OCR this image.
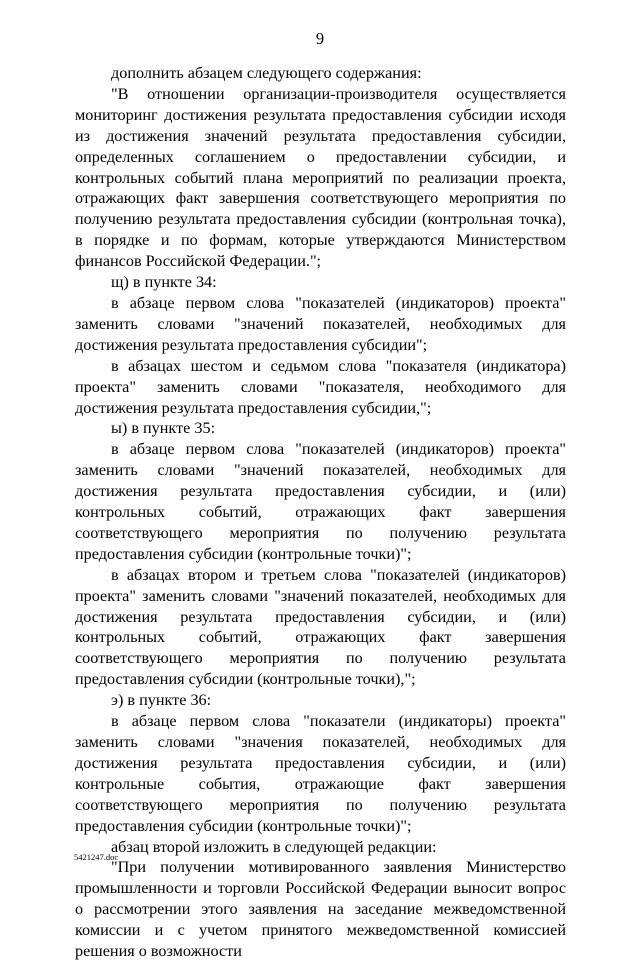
9

дополнить абзацем следующего содержания:

"В отношении организации-производителя осуществляется мониторинг достижения результата предоставления субсидии исходя из достижения значений результата предоставления субсидии, определенных соглашением о предоставлении субсидии, и контрольных событий плана мероприятий по реализации проекта, отражающих факт завершения соответствующего мероприятия по получению результата предоставления субсидии (контрольная точка), в порядке и по формам, которые утверждаются Министерством финансов Российской Федерации.";

щ) в пункте 34:

в абзаце первом слова "показателей (индикаторов) проекта" заменить словами "значений показателей, необходимых для достижения результата предоставления субсидии";

в абзацах шестом и седьмом слова "показателя (индикатора) проекта" заменить словами "показателя, необходимого для достижения результата предоставления субсидии,";

ы) в пункте 35:

в абзаце первом слова "показателей (индикаторов) проекта" заменить словами "значений показателей, необходимых для достижения результата предоставления субсидии, и (или) контрольных событий, отражающих факт завершения соответствующего мероприятия по получению результата предоставления субсидии (контрольные точки)";

в абзацах втором и третьем слова "показателей (индикаторов) проекта" заменить словами "значений показателей, необходимых для достижения результата предоставления субсидии, и (или) контрольных событий, отражающих факт завершения соответствующего мероприятия по получению результата предоставления субсидии (контрольные точки),";

э) в пункте 36:

в абзаце первом слова "показатели (индикаторы) проекта" заменить словами "значения показателей, необходимых для достижения результата предоставления субсидии, и (или) контрольные события, отражающие факт завершения соответствующего мероприятия по получению результата предоставления субсидии (контрольные точки)";

абзац второй изложить в следующей редакции:

"При получении мотивированного заявления Министерство промышленности и торговли Российской Федерации выносит вопрос о рассмотрении этого заявления на заседание межведомственной комиссии и с учетом принятого межведомственной комиссией решения о возможности

5421247.doc
